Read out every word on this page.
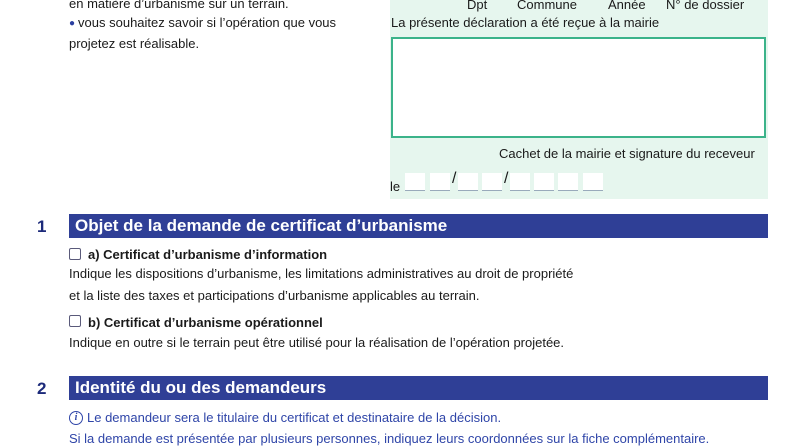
en matière d’urbanisme sur un terrain.
● vous souhaitez savoir si l’opération que vous
projetez est réalisable.
Dpt Commune Année N° de dossier
La présente déclaration a été reçue à la mairie
Cachet de la mairie et signature du receveur
le	/	/
1	Objet de la demande de certificat d’urbanisme
a) Certificat d’urbanisme d’information
Indique les dispositions d’urbanisme, les limitations administratives au droit de propriété
et la liste des taxes et participations d’urbanisme applicables au terrain.
b) Certificat d’urbanisme opérationnel
Indique en outre si le terrain peut être utilisé pour la réalisation de l’opération projetée.
2	Identité du ou des demandeurs
i Le demandeur sera le titulaire du certificat et destinataire de la décision.
Si la demande est présentée par plusieurs personnes, indiquez leurs coordonnées sur la fiche complémentaire.
